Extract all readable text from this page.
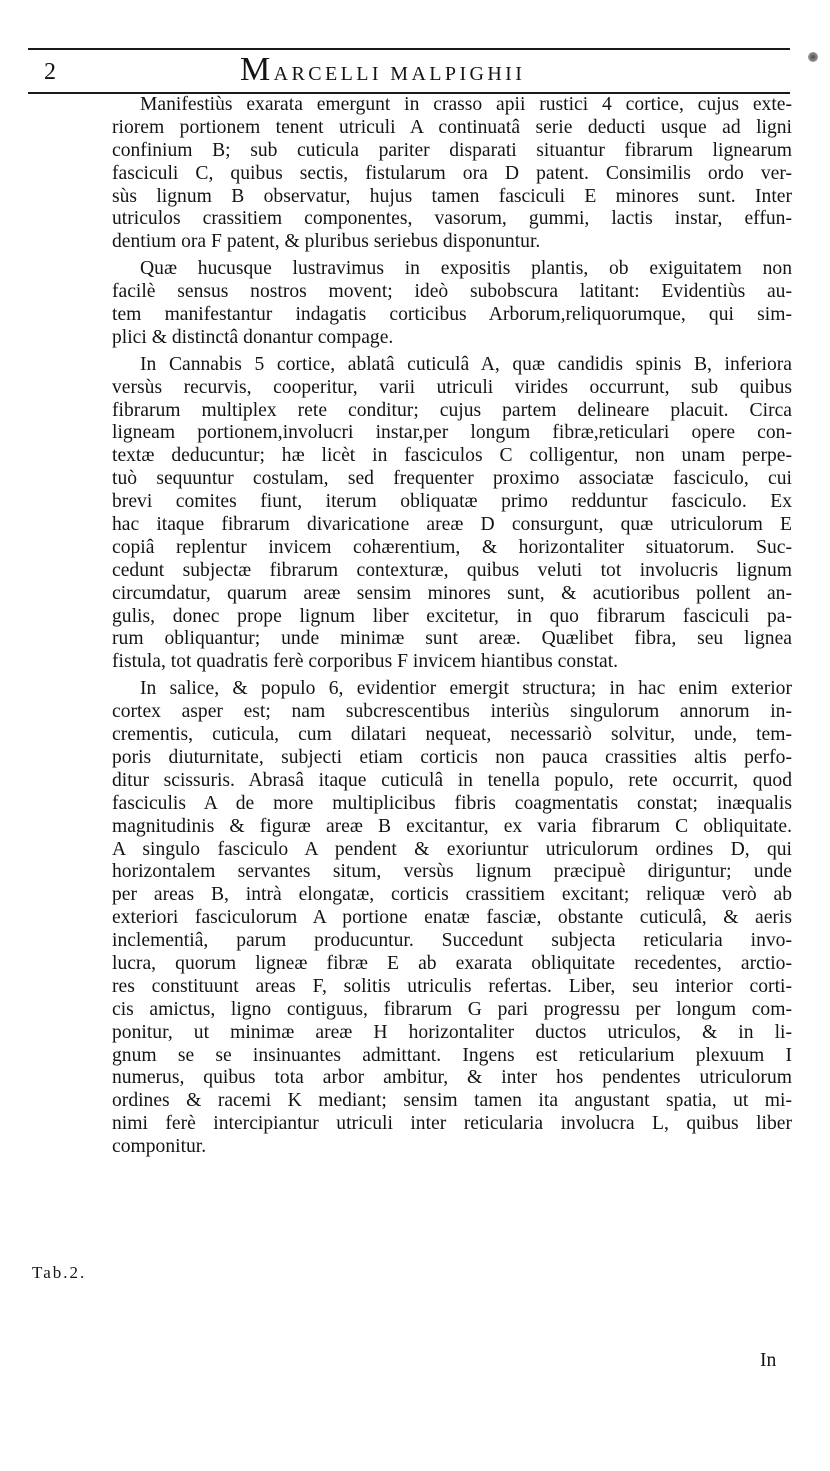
2	MARCELLI MALPIGHII
Tab.2.
Manifestiùs exarata emergunt in crasso apii rustici 4 cortice, cujus exte-
riorem portionem tenent utriculi A continuatâ serie deducti usque ad ligni
confinium B; sub cuticula pariter disparati situantur fibrarum lignearum
fasciculi C, quibus sectis, fistularum ora D patent. Consimilis ordo ver-
sùs lignum B observatur, hujus tamen fasciculi E minores sunt. Inter
utriculos crassitiem componentes, vasorum, gummi, lactis instar, effun-
dentium ora F patent, & pluribus seriebus disponuntur.
Quæ hucusque lustravimus in expositis plantis, ob exiguitatem non
facilè sensus nostros movent; ideò subobscura latitant: Evidentiùs au-
tem manifestantur indagatis corticibus Arborum,reliquorumque, qui sim-
plici & distinctâ donantur compage.
In Cannabis 5 cortice, ablatâ cuticulâ A, quæ candidis spinis B, inferiora
versùs recurvis, cooperitur, varii utriculi virides occurrunt, sub quibus
fibrarum multiplex rete conditur; cujus partem delineare placuit. Circa
ligneam portionem,involucri instar,per longum fibræ,reticulari opere con-
textæ deducuntur; hæ licèt in fasciculos C colligentur, non unam perpe-
tuò sequuntur costulam, sed frequenter proximo associatæ fasciculo, cui
brevi comites fiunt, iterum obliquatæ primo redduntur fasciculo. Ex
hac itaque fibrarum divaricatione areæ D consurgunt, quæ utriculorum E
copiâ replentur invicem cohærentium, & horizontaliter situatorum. Suc-
cedunt subjectæ fibrarum contexturæ, quibus veluti tot involucris lignum
circumdatur, quarum areæ sensim minores sunt, & acutioribus pollent an-
gulis, donec prope lignum liber excitetur, in quo fibrarum fasciculi pa-
rum obliquantur; unde minimæ sunt areæ. Quælibet fibra, seu lignea
fistula, tot quadratis ferè corporibus F invicem hiantibus constat.
In salice, & populo 6, evidentior emergit structura; in hac enim exterior
cortex asper est; nam subcrescentibus interiùs singulorum annorum in-
crementis, cuticula, cum dilatari nequeat, necessariò solvitur, unde, tem-
poris diuturnitate, subjecti etiam corticis non pauca crassities altis perfo-
ditur scissuris. Abrasâ itaque cuticulâ in tenella populo, rete occurrit, quod
fasciculis A de more multiplicibus fibris coagmentatis constat; inæqualis
magnitudinis & figuræ areæ B excitantur, ex varia fibrarum C obliquitate.
A singulo fasciculo A pendent & exoriuntur utriculorum ordines D, qui
horizontalem servantes situm, versùs lignum præcipuè diriguntur; unde
per areas B, intrà elongatæ, corticis crassitiem excitant; reliquæ verò ab
exteriori fasciculorum A portione enatæ fasciæ, obstante cuticulâ, & aeris
inclementiâ, parum producuntur. Succedunt subjecta reticularia invo-
lucra, quorum ligneæ fibræ E ab exarata obliquitate recedentes, arctio-
res constituunt areas F, solitis utriculis refertas. Liber, seu interior corti-
cis amictus, ligno contiguus, fibrarum G pari progressu per longum com-
ponitur, ut minimæ areæ H horizontaliter ductos utriculos, & in li-
gnum se se insinuantes admittant. Ingens est reticularium plexuum I
numerus, quibus tota arbor ambitur, & inter hos pendentes utriculorum
ordines & racemi K mediant; sensim tamen ita angustant spatia, ut mi-
nimi ferè intercipiantur utriculi inter reticularia involucra L, quibus liber
componitur.
In
